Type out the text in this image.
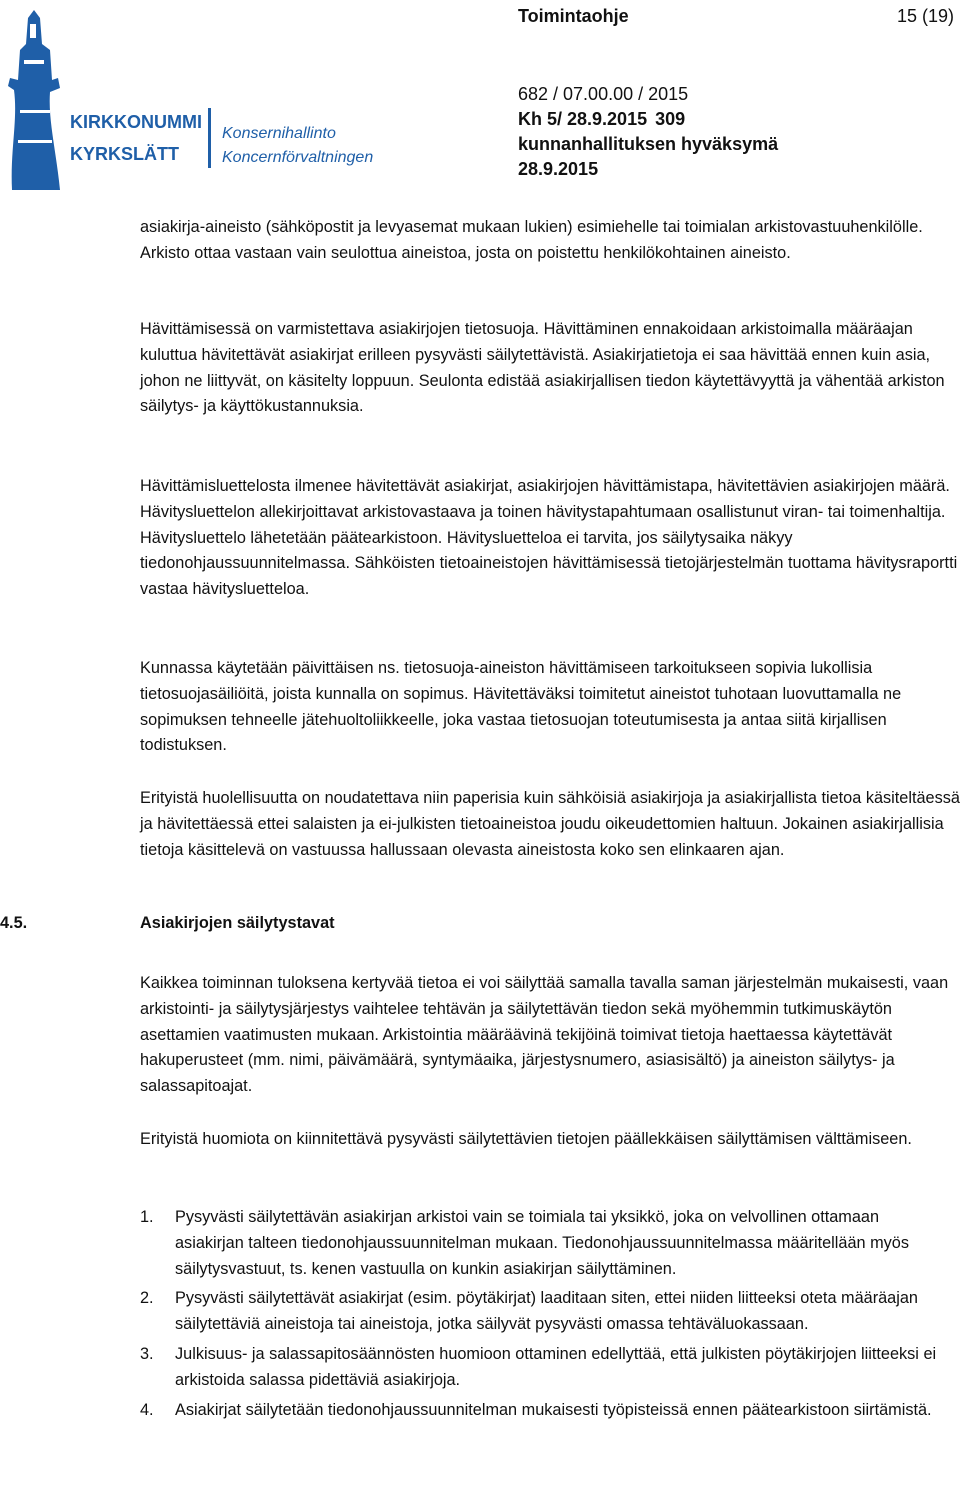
KIRKKONUMMI
KYRKSLÄTT
Konsernihallinto
Koncernförvaltningen
Toimintaohje	15 (19)
682 / 07.00.00 / 2015
Kh 5/ 28.9.2015 309
kunnanhallituksen hyväksymä
28.9.2015

asiakirja-aineisto (sähköpostit ja levyasemat mukaan lukien) esimiehelle tai toimialan arkistovastuuhenkilölle. Arkisto ottaa vastaan vain seulottua aineistoa, josta on poistettu henkilökohtainen aineisto.

Hävittämisessä on varmistettava asiakirjojen tietosuoja. Hävittäminen ennakoidaan arkistoimalla määräajan kuluttua hävitettävät asiakirjat erilleen pysyvästi säilytettävistä. Asiakirjatietoja ei saa hävittää ennen kuin asia, johon ne liittyvät, on käsitelty loppuun. Seulonta edistää asiakirjallisen tiedon käytettävyyttä ja vähentää arkiston säilytys- ja käyttökustannuksia.

Hävittämisluettelosta ilmenee hävitettävät asiakirjat, asiakirjojen hävittämistapa, hävitettävien asiakirjojen määrä. Hävitysluettelon allekirjoittavat arkistovastaava ja toinen hävitystapahtumaan osallistunut viran- tai toimenhaltija. Hävitysluettelo lähetetään päätearkistoon. Hävitysluetteloa ei tarvita, jos säilytysaika näkyy tiedonohjaussuunnitelmassa. Sähköisten tietoaineistojen hävittämisessä tietojärjestelmän tuottama hävitysraportti vastaa hävitysluetteloa.

Kunnassa käytetään päivittäisen ns. tietosuoja-aineiston hävittämiseen tarkoitukseen sopivia lukollisia tietosuojasäiliöitä, joista kunnalla on sopimus. Hävitettäväksi toimitetut aineistot tuhotaan luovuttamalla ne sopimuksen tehneelle jätehuoltoliikkeelle, joka vastaa tietosuojan toteutumisesta ja antaa siitä kirjallisen todistuksen.

Erityistä huolellisuutta on noudatettava niin paperisia kuin sähköisiä asiakirjoja ja asiakirjallista tietoa käsiteltäessä ja hävitettäessä ettei salaisten ja ei-julkisten tietoaineistoa joudu oikeudettomien haltuun. Jokainen asiakirjallisia tietoja käsittelevä on vastuussa hallussaan olevasta aineistosta koko sen elinkaaren ajan.

4.5.	Asiakirjojen säilytystavat

Kaikkea toiminnan tuloksena kertyvää tietoa ei voi säilyttää samalla tavalla saman järjestelmän mukaisesti, vaan arkistointi- ja säilytysjärjestys vaihtelee tehtävän ja säilytettävän tiedon sekä myöhemmin tutkimuskäytön asettamien vaatimusten mukaan. Arkistointia määräävinä tekijöinä toimivat tietoja haettaessa käytettävät hakuperusteet (mm. nimi, päivämäärä, syntymäaika, järjestysnumero, asiasisältö) ja aineiston säilytys- ja salassapitoajat.

Erityistä huomiota on kiinnitettävä pysyvästi säilytettävien tietojen päällekkäisen säilyttämisen välttämiseen.

1.	Pysyvästi säilytettävän asiakirjan arkistoi vain se toimiala tai yksikkö, joka on velvollinen ottamaan asiakirjan talteen tiedonohjaussuunnitelman mukaan. Tiedonohjaussuunnitelmassa määritellään myös säilytysvastuut, ts. kenen vastuulla on kunkin asiakirjan säilyttäminen.
2.	Pysyvästi säilytettävät asiakirjat (esim. pöytäkirjat) laaditaan siten, ettei niiden liitteeksi oteta määräajan säilytettäviä aineistoja tai aineistoja, jotka säilyvät pysyvästi omassa tehtäväluokassaan.
3.	Julkisuus- ja salassapitosäännösten huomioon ottaminen edellyttää, että julkisten pöytäkirjojen liitteeksi ei arkistoida salassa pidettäviä asiakirjoja.
4.	Asiakirjat säilytetään tiedonohjaussuunnitelman mukaisesti työpisteissä ennen päätearkistoon siirtämistä.
